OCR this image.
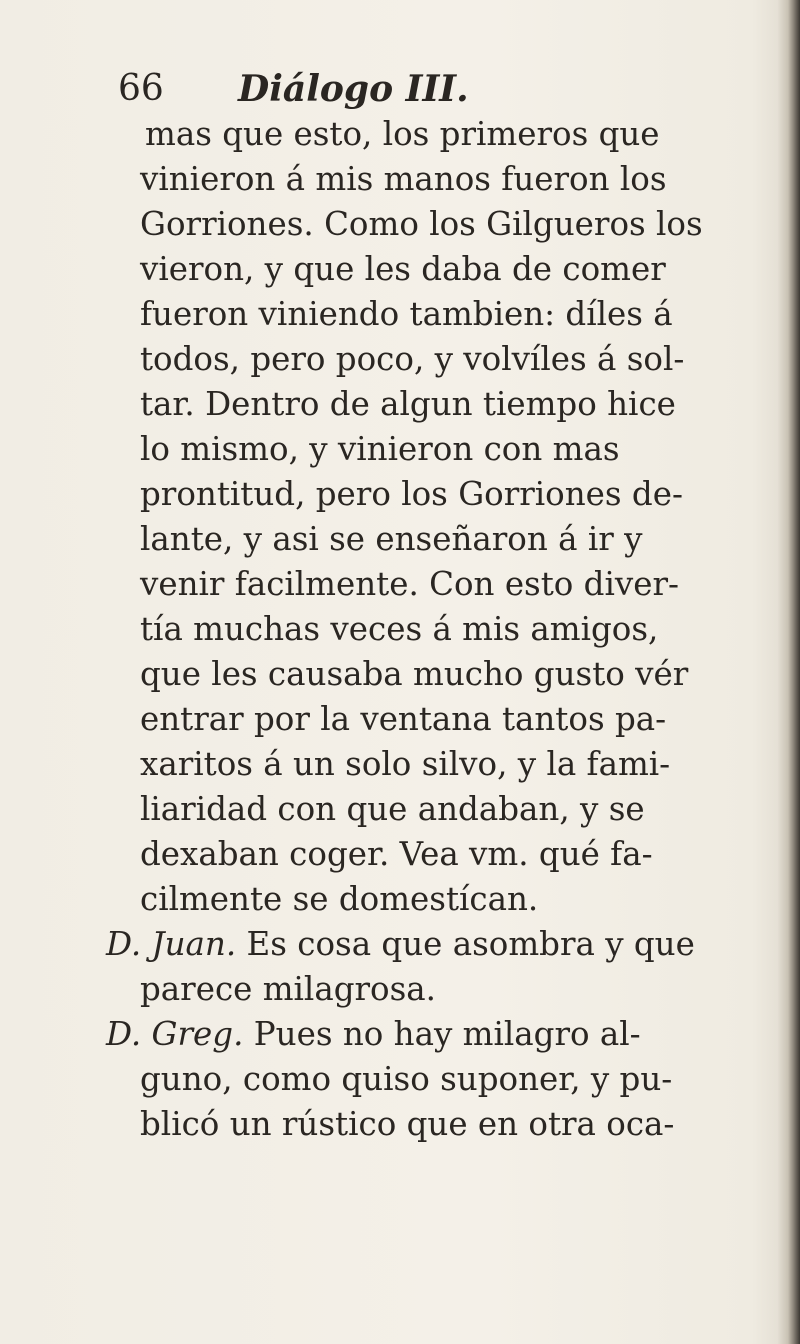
66 Diálogo III.
mas que esto, los primeros que
vinieron á mis manos fueron los
Gorriones. Como los Gilgueros los
vieron, y que les daba de comer
fueron viniendo tambien: díles á
todos, pero poco, y volvíles á sol-
tar. Dentro de algun tiempo hice
lo mismo, y vinieron con mas
prontitud, pero los Gorriones de-
lante, y asi se enseñaron á ir y
venir facilmente. Con esto diver-
tía muchas veces á mis amigos,
que les causaba mucho gusto vér
entrar por la ventana tantos pa-
xaritos á un solo silvo, y la fami-
liaridad con que andaban, y se
dexaban coger. Vea vm. qué fa-
cilmente se domestícan.
D. Juan. Es cosa que asombra y que
parece milagrosa.
D. Greg. Pues no hay milagro al-
guno, como quiso suponer, y pu-
blicó un rústico que en otra oca-
